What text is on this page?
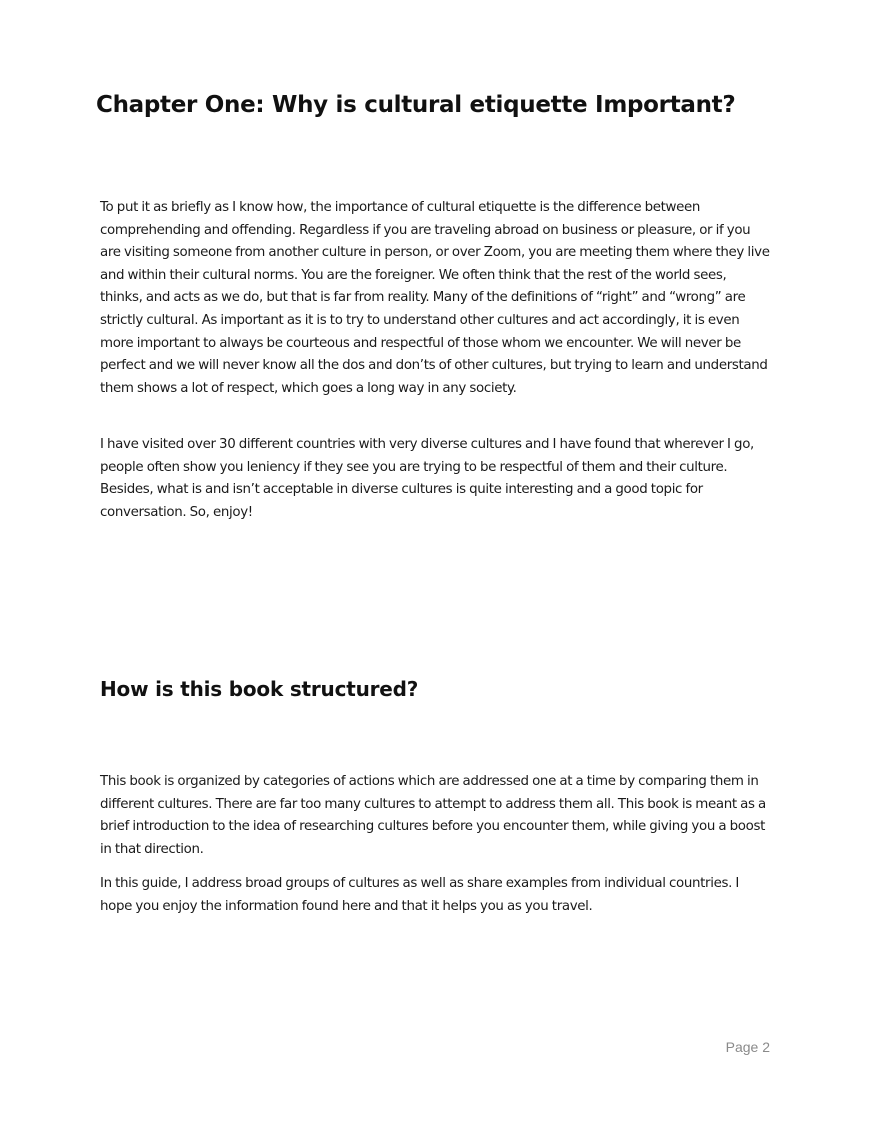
Chapter One: Why is cultural etiquette Important?

To put it as briefly as I know how, the importance of cultural etiquette is the difference between comprehending and offending. Regardless if you are traveling abroad on business or pleasure, or if you are visiting someone from another culture in person, or over Zoom, you are meeting them where they live and within their cultural norms. You are the foreigner. We often think that the rest of the world sees, thinks, and acts as we do, but that is far from reality. Many of the definitions of “right” and “wrong” are strictly cultural. As important as it is to try to understand other cultures and act accordingly, it is even more important to always be courteous and respectful of those whom we encounter. We will never be perfect and we will never know all the dos and don’ts of other cultures, but trying to learn and understand them shows a lot of respect, which goes a long way in any society.

I have visited over 30 different countries with very diverse cultures and I have found that wherever I go, people often show you leniency if they see you are trying to be respectful of them and their culture. Besides, what is and isn’t acceptable in diverse cultures is quite interesting and a good topic for conversation. So, enjoy!

How is this book structured?

This book is organized by categories of actions which are addressed one at a time by comparing them in different cultures. There are far too many cultures to attempt to address them all. This book is meant as a brief introduction to the idea of researching cultures before you encounter them, while giving you a boost in that direction.

In this guide, I address broad groups of cultures as well as share examples from individual countries. I hope you enjoy the information found here and that it helps you as you travel.

Page 2
